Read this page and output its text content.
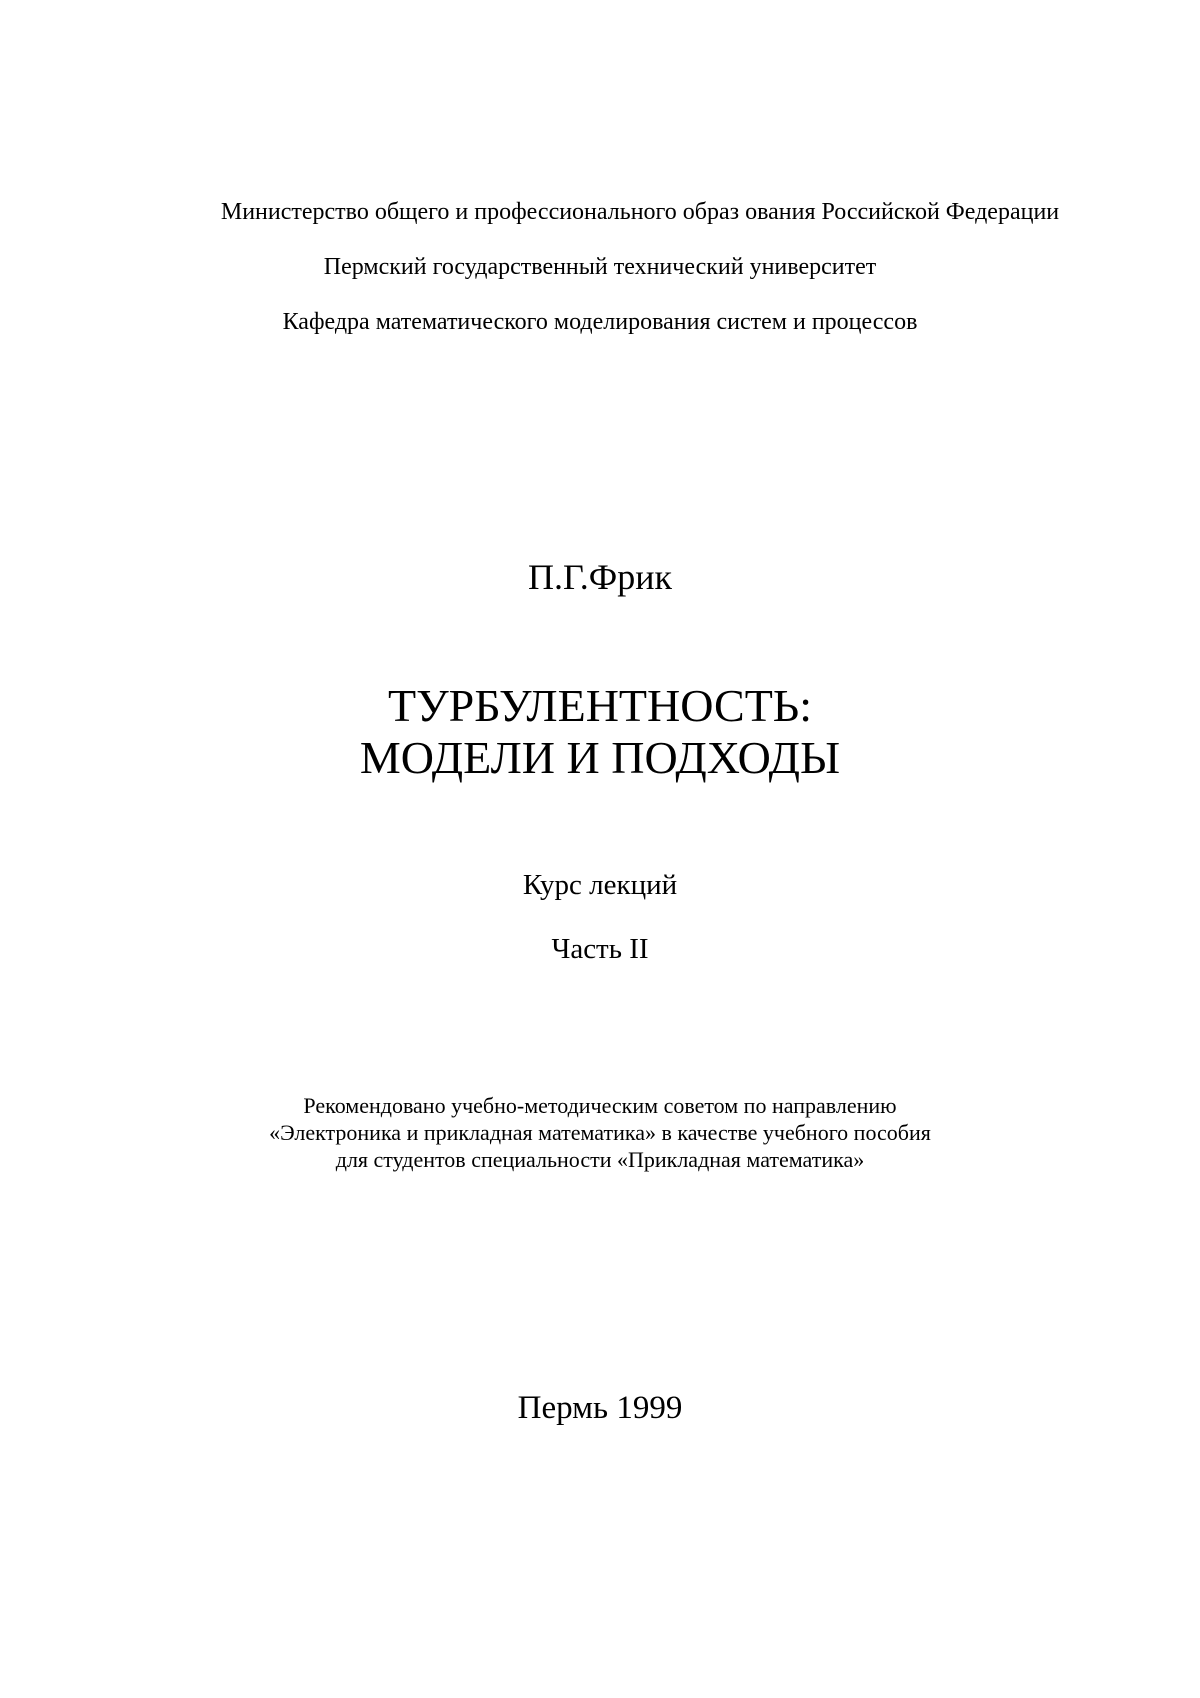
Министерство общего и профессионального образ ования Российской Федерации
Пермский государственный технический университет
Кафедра математического моделирования систем и процессов
П.Г.Фрик
ТУРБУЛЕНТНОСТЬ:
МОДЕЛИ И ПОДХОДЫ
Курс лекций
Часть II
Рекомендовано учебно-методическим советом по направлению
«Электроника и прикладная математика» в качестве учебного пособия
для студентов специальности «Прикладная математика»
Пермь 1999
